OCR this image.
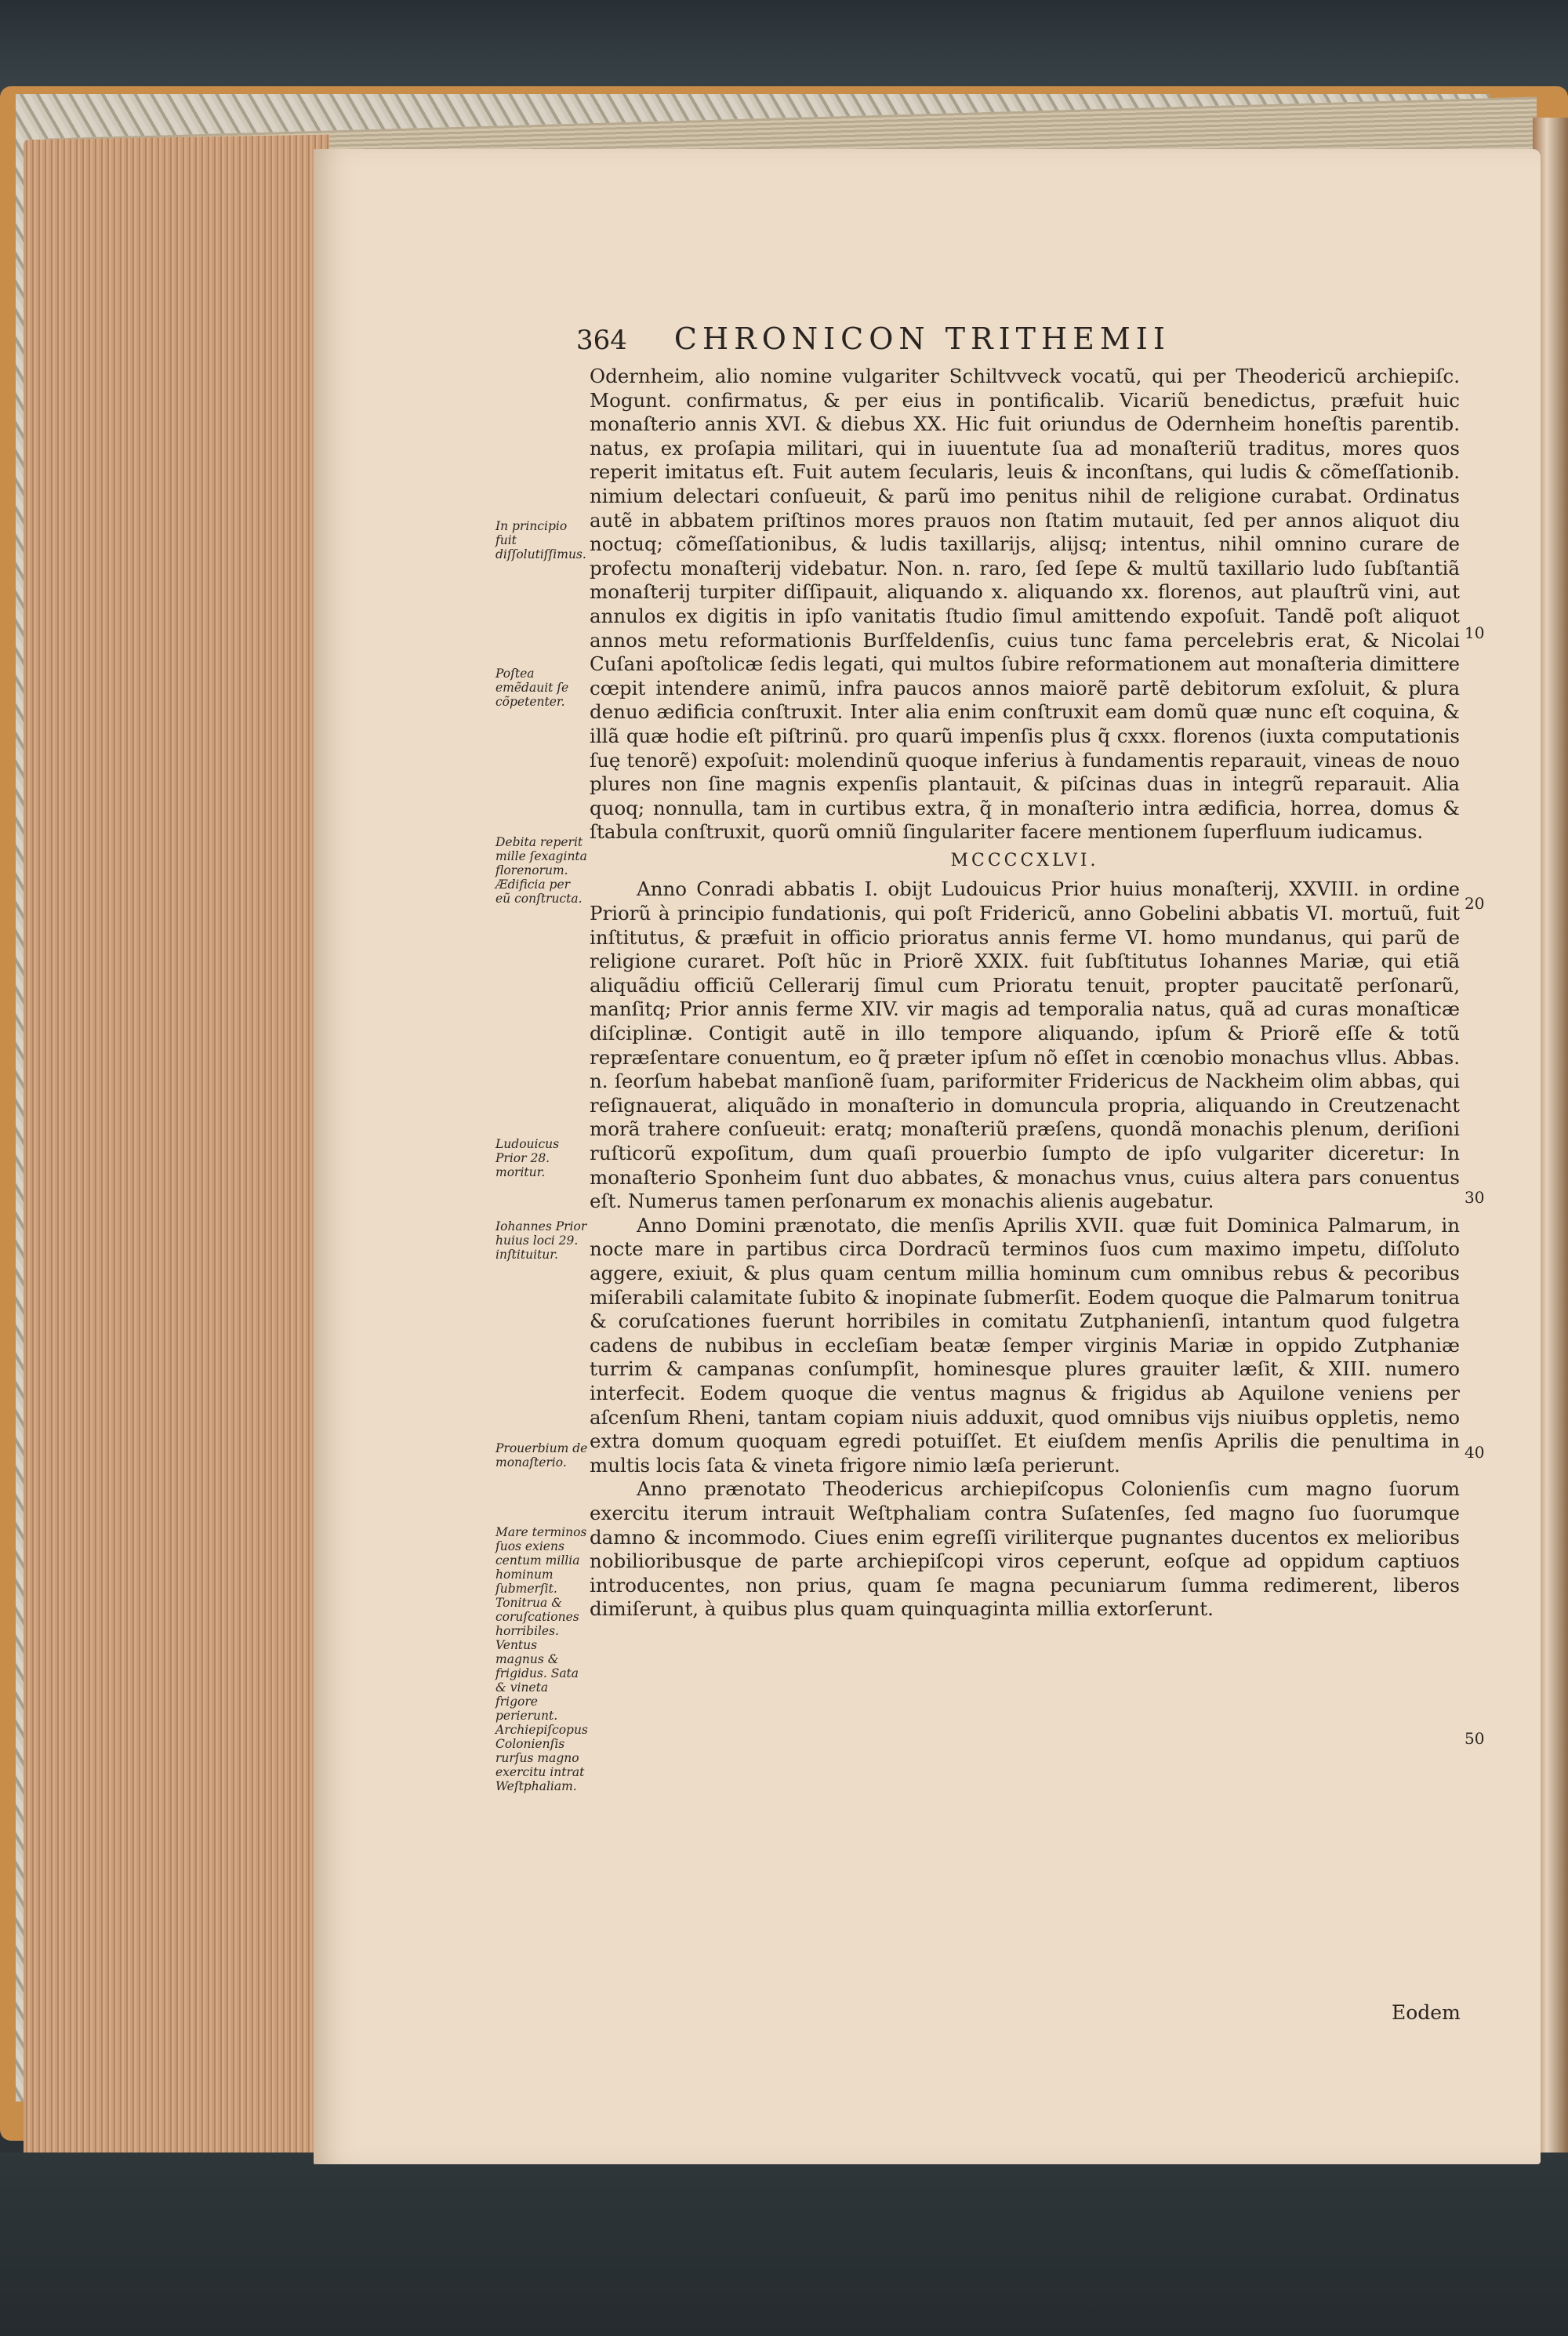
364 CHRONICON TRITHEMII

Odernheim, alio nomine vulgariter Schiltvveck vocatũ, qui per Theodericũ archiepiſc. Mogunt. confirmatus, & per eius in pontificalib. Vicariũ benedictus, præfuit huic monaſterio annis XVI. & diebus XX. Hic fuit oriundus de Odernheim honeſtis parentib. natus, ex proſapia militari, qui in iuuentute ſua ad monaſteriũ traditus, mores quos reperit imitatus eſt. Fuit autem ſecularis, leuis & inconſtans, qui ludis & cõmeſſationib. nimium delectari conſueuit, & parũ imo penitus nihil de religione curabat. Ordinatus autẽ in abbatem priſtinos mores prauos non ſtatim mutauit, ſed per annos aliquot diu noctuq; cõmeſſationibus, & ludis taxillarijs, alijsq; intentus, nihil omnino curare de profectu monaſterij videbatur. Non. n. raro, ſed ſepe & multũ taxillario ludo ſubſtantiã monaſterij turpiter diſſipauit, aliquando x. aliquando xx. florenos, aut plauſtrũ vini, aut annulos ex digitis in ipſo vanitatis ſtudio ſimul amittendo expoſuit. Tandẽ poſt aliquot annos metu reformationis Burſfeldenſis, cuius tunc fama percelebris erat, & Nicolai Cuſani apoſtolicæ ſedis legati, qui multos ſubire reformationem aut monaſteria dimittere cœpit intendere animũ, infra paucos annos maiorẽ partẽ debitorum exſoluit, & plura denuo ædificia conſtruxit. Inter alia enim conſtruxit eam domũ quæ nunc eſt coquina, & illã quæ hodie eſt piſtrinũ. pro quarũ impenſis plus q̃ cxxx. florenos (iuxta computationis ſuę tenorẽ) expoſuit: molendinũ quoque inferius à fundamentis reparauit, vineas de nouo plures non ſine magnis expenſis plantauit, & piſcinas duas in integrũ reparauit. Alia quoq; nonnulla, tam in curtibus extra, q̃ in monaſterio intra ædificia, horrea, domus & ſtabula conſtruxit, quorũ omniũ ſingulariter facere mentionem ſuperfluum iudicamus.

MCCCCXLVI.

Anno Conradi abbatis I. obijt Ludouicus Prior huius monaſterij, XXVIII. in ordine Priorũ à principio fundationis, qui poſt Fridericũ, anno Gobelini abbatis VI. mortuũ, fuit inſtitutus, & præfuit in officio prioratus annis ferme VI. homo mundanus, qui parũ de religione curaret. Poſt hũc in Priorẽ XXIX. fuit ſubſtitutus Iohannes Mariæ, qui etiã aliquãdiu officiũ Cellerarij ſimul cum Prioratu tenuit, propter paucitatẽ perſonarũ, manſitq; Prior annis ferme XIV. vir magis ad temporalia natus, quã ad curas monaſticæ diſciplinæ. Contigit autẽ in illo tempore aliquando, ipſum & Priorẽ eſſe & totũ repræſentare conuentum, eo q̃ præter ipſum nõ eſſet in cœnobio monachus vllus. Abbas. n. ſeorſum habebat manſionẽ ſuam, pariformiter Fridericus de Nackheim olim abbas, qui reſignauerat, aliquãdo in monaſterio in domuncula propria, aliquando in Creutzenacht morã trahere conſueuit: eratq; monaſteriũ præſens, quondã monachis plenum, deriſioni ruſticorũ expoſitum, dum quaſi prouerbio ſumpto de ipſo vulgariter diceretur: In monaſterio Sponheim ſunt duo abbates, & monachus vnus, cuius altera pars conuentus eſt. Numerus tamen perſonarum ex monachis alienis augebatur.

Anno Domini prænotato, die menſis Aprilis XVII. quæ fuit Dominica Palmarum, in nocte mare in partibus circa Dordracũ terminos ſuos cum maximo impetu, diſſoluto aggere, exiuit, & plus quam centum millia hominum cum omnibus rebus & pecoribus miſerabili calamitate ſubito & inopinate ſubmerſit. Eodem quoque die Palmarum tonitrua & coruſcationes fuerunt horribiles in comitatu Zutphanienſi, intantum quod fulgetra cadens de nubibus in eccleſiam beatæ ſemper virginis Mariæ in oppido Zutphaniæ turrim & campanas conſumpſit, hominesque plures grauiter læſit, & XIII. numero interfecit. Eodem quoque die ventus magnus & frigidus ab Aquilone veniens per aſcenſum Rheni, tantam copiam niuis adduxit, quod omnibus vijs niuibus oppletis, nemo extra domum quoquam egredi potuiſſet. Et eiuſdem menſis Aprilis die penultima in multis locis ſata & vineta frigore nimio læſa perierunt.

Anno prænotato Theodericus archiepiſcopus Colonienſis cum magno ſuorum exercitu iterum intrauit Weſtphaliam contra Suſatenſes, ſed magno ſuo ſuorumque damno & incommodo. Ciues enim egreſſi viriliterque pugnantes ducentos ex melioribus nobilioribusque de parte archiepiſcopi viros ceperunt, eoſque ad oppidum captiuos introducentes, non prius, quam ſe magna pecuniarum ſumma redimerent, liberos dimiſerunt, à quibus plus quam quinquaginta millia extorſerunt.

Eodem
In principio fuit diſſolutiſſimus.
Poſtea emẽdauit ſe cõpetenter.
Debita reperit mille ſexaginta florenorum. Ædificia per eũ conſtructa.
Ludouicus Prior 28. moritur.
Iohannes Prior huius loci 29. inſtituitur.
Prouerbium de monaſterio.
Mare terminos ſuos exiens centum millia hominum ſubmerſit. Tonitrua & coruſcationes horribiles. Ventus magnus & frigidus. Sata & vineta frigore perierunt. Archiepiſcopus Colonienſis rurſus magno exercitu intrat Weſtphaliam.
10
20
30
40
50
